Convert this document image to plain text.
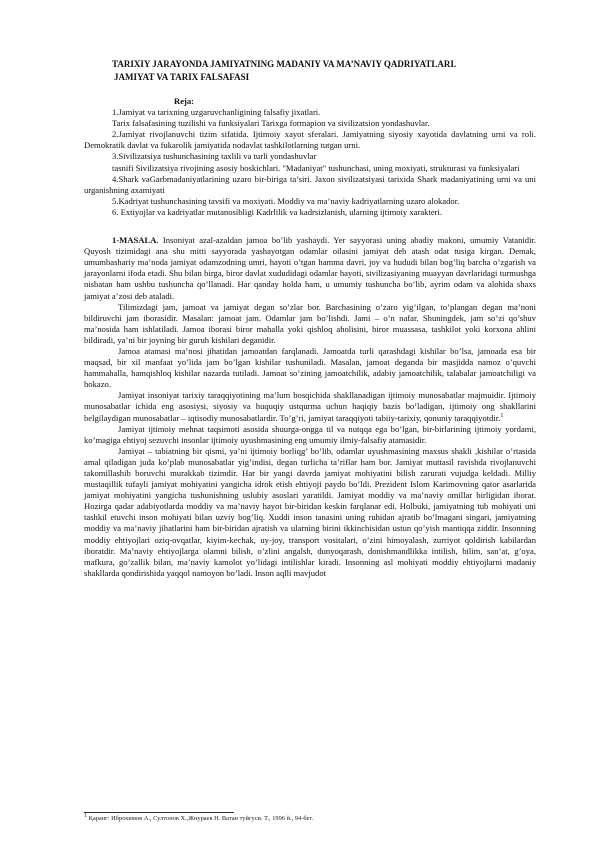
TARIXIY JARAYONDA JAMIYATNING MADANIY VA MA’NAVIY QADRIYATLARI.
JAMIYAT VA TARIX FALSAFASI
Reja:

1.Jamiyat va tarixning uzgaruvchanligining falsafiy jixatlari.

Tarix falsafasining tuzilishi va funksiyalari Tarixga formapion va sivilizatsion yondashuvlar.

2.Jamiyat rivojlanuvchi tizim sifatida. Ijtimoiy xayot sferalari. Jamiyatning siyosiy xayotida davlatning urni va roli. Demokratik davlat va fukarolik jamiyatida nodavlat tashkilotlarning tutgan urni.

3.Sivilizatsiya tushunchasining taxlili va turli yondashuvlar

tasnifi Sivilizatsiya rivojining asosiy boskichlari. "Madaniyat" tushunchasi, uning moxiyati, strukturasi va funksiyalari

4.Shark vaGarbmadaniyatlarining uzaro bir-biriga ta’siri. Jaxon sivilizatsiyasi tarixida Shark madaniyatining urni va uni urganishning axamiyati

5.Kadriyat tushunchasining tavsifi va moxiyati. Moddiy va ma’naviy kadriyatlarning uzaro alokador.

6. Extiyojlar va kadriyatlar mutanosibligi Kadrlilik va kadrsizlanish, ularning ijtimoiy xarakteri.

1-MASALA. Insoniyat azal-azaldan jamoa bo’lib yashaydi. Yer sayyorasi uning abadiy makoni, umumiy Vatanidir. Quyosh tizimidagi ana shu mitti sayyorada yashayotgan odamlar oilasini jamiyat deb atash odat tusiga kirgan. Demak, umumbashariy ma’noda jamiyat odamzodning umri, hayoti o’tgan hamma davri, joy va hududi bilan bog’liq barcha o’zgarish va jarayonlarni ifoda etadi. Shu bilan birga, biror davlat xududidagi odamlar hayoti, sivilizasiyaning muayyan davrlaridagi turmushga nisbatan ham ushbu tushuncha qo’llanadi. Har qanday holda ham, u umumiy tushuncha bo’lib, ayrim odam va alohida shaxs jamiyat a’zosi deb ataladi.

Tilimizdagi jam, jamoat va jamiyat degan so’zlar bor. Barchasining o’zaro yig’ilgan, to’plangan degan ma’noni bildiruvchi jam iborasidir. Masalan: jamoat jam. Odamlar jam bo’lishdi. Jami – o’n nafar. Shuningdek, jam so’zi qo’shuv ma’nosida ham ishlatiladi. Jamoa iborasi biror mahalla yoki qishloq aholisini, biror muassasa, tashkilot yoki korxona ahlini bildiradi, ya’ni bir joyning bir guruh kishilari deganidir.

Jamoa atamasi ma’nosi jihatidan jamoatdan farqlanadi. Jamoatda turli qarashdagi kishilar bo’lsa, jamoada esa bir maqsad, bir xil manfaat yo’lida jam bo’lgan kishilar tushuniladi. Masalan, jamoat deganda bir masjidda namoz o’quvchi hammahalla, hamqishloq kishilar nazarda tutiladi. Jamoat so’zining jamoatchilik, adabiy jamoatchilik, talabalar jamoatchiligi va hokazo.

Jamiyat insoniyat tarixiy taraqqiyotining ma’lum bosqichida shakllanadigan ijtimoiy munosabatlar majmuidir. Ijtimoiy munosabatlar ichida eng asosiysi, siyosiy va huquqiy ustqurma uchun haqiqiy bazis bo’ladigan, ijtimoiy ong shakllarini belgilaydigan munosabatlar – iqtisodiy munosabatlardir. To’g’ri, jamiyat taraqqiyoti tabiiy-tarixiy, qonuniy taraqqiyotdir.$^1$

Jamiyat ijtimoiy mehnat taqsimoti asosida shuurga-ongga til va nutqqa ega bo’lgan, bir-birlarining ijtimoiy yordami, ko’magiga ehtiyoj sezuvchi insonlar ijtimoiy uyushmasining eng umumiy ilmiy-falsafiy atamasidir.

Jamiyat – tabiatning bir qismi, ya’ni ijtimoiy borliqg’ bo’lib, odamlar uyushmasining maxsus shakli ,kishilar o’rtasida amal qiladigan juda ko’plab munosabatlar yig’indisi, degan turlicha ta’riflar ham bor. Jamiyat muttasil ravishda rivojlanuvchi takomillashib boruvchi murakkab tizimdir. Har bir yangi davrda jamiyat mohiyatini bilish zarurati vujudga keldadi. Milliy mustaqillik tufayli jamiyat mohiyatini yangicha idrok etish ehtiyoji paydo bo’ldi. Prezident Islom Karimovning qator asarlarida jamiyat mohiyatini yangicha tushunishning uslubiy asoslari yaratildi. Jamiyat moddiy va ma’naviy omillar birligidan iborat. Hozirga qadar adabiyotlarda moddiy va ma’naviy hayot bir-biridan keskin farqlanar edi. Holbuki, jamiyatning tub mohiyati uni tashkil etuvchi inson mohiyati bilan uzviy bog’liq. Xuddi inson tanasini uning ruhidan ajratib bo’lmagani singari, jamiyatning moddiy va ma’naviy jihatlarini ham bir-biridan ajratish va ularning birini ikkinchisidan ustun qo’yish mantiqqa ziddir. Insonning moddiy ehtiyojlari oziq-ovqatlar, kiyim-kechak, uy-joy, transport vositalari, o’zini himoyalash, zurriyot qoldirish kabilardan iboratdir. Ma’naviy ehtiyojlarga olamni bilish, o’zlini angalsh, dunyoqarash, donishmandlikka intilish, bilim, san’at, g’oya, mafkura, go’zallik bilan, ma’naviy kamolot yo’lidagi intilishlar kiradi. Insonning asl mohiyati moddiy ehtiyojlarni madaniy shakllarda qondirishida yaqqol namoyon bo’ladi. Inson aqlli mavjudot

$^1$ Қаранг: Иброхимов А., Султонов Х.,Жнураев Н. Ватан туйгуси. Т., 1996 й., 94-бет.
